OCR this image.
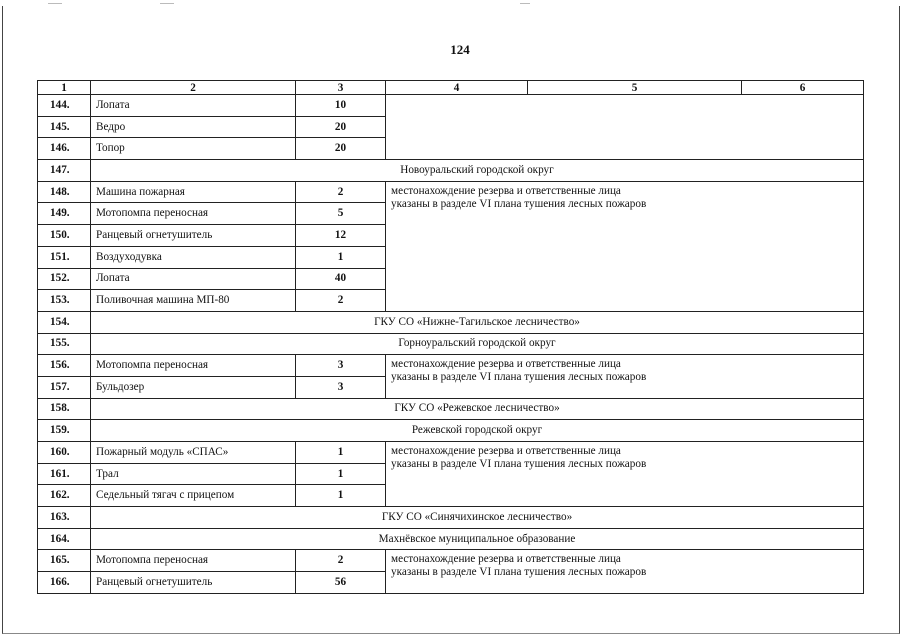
124
1	2	3	4	5	6
144.	Лопата	10			
145.	Ведро	20			
146.	Топор	20			
147.	Новоуральский городской округ				
148.	Машина пожарная	2	местонахождение резерва и ответственные лица
указаны в разделе VI плана тушения лесных пожаров		

149.	Мотопомпа переносная	5			
150.	Ранцевый огнетушитель	12			
151.	Воздуходувка	1			
152.	Лопата	40			
153.	Поливочная машина МП-80	2			
154.	ГКУ СО «Нижне-Тагильское лесничество»				
155.	Горноуральский городской округ				
156.	Мотопомпа переносная	3	местонахождение резерва и ответственные лица
указаны в разделе VI плана тушения лесных пожаров		

157.	Бульдозер	3			
158.	ГКУ СО «Режевское лесничество»				
159.	Режевской городской округ				
160.	Пожарный модуль «СПАС»	1	местонахождение резерва и ответственные лица
указаны в разделе VI плана тушения лесных пожаров		

161.	Трал	1			
162.	Седельный тягач с прицепом	1			
163.	ГКУ СО «Синячихинское лесничество»				
164.	Махнёвское муниципальное образование				
165.	Мотопомпа переносная	2	местонахождение резерва и ответственные лица
указаны в разделе VI плана тушения лесных пожаров		

166.	Ранцевый огнетушитель	56			
